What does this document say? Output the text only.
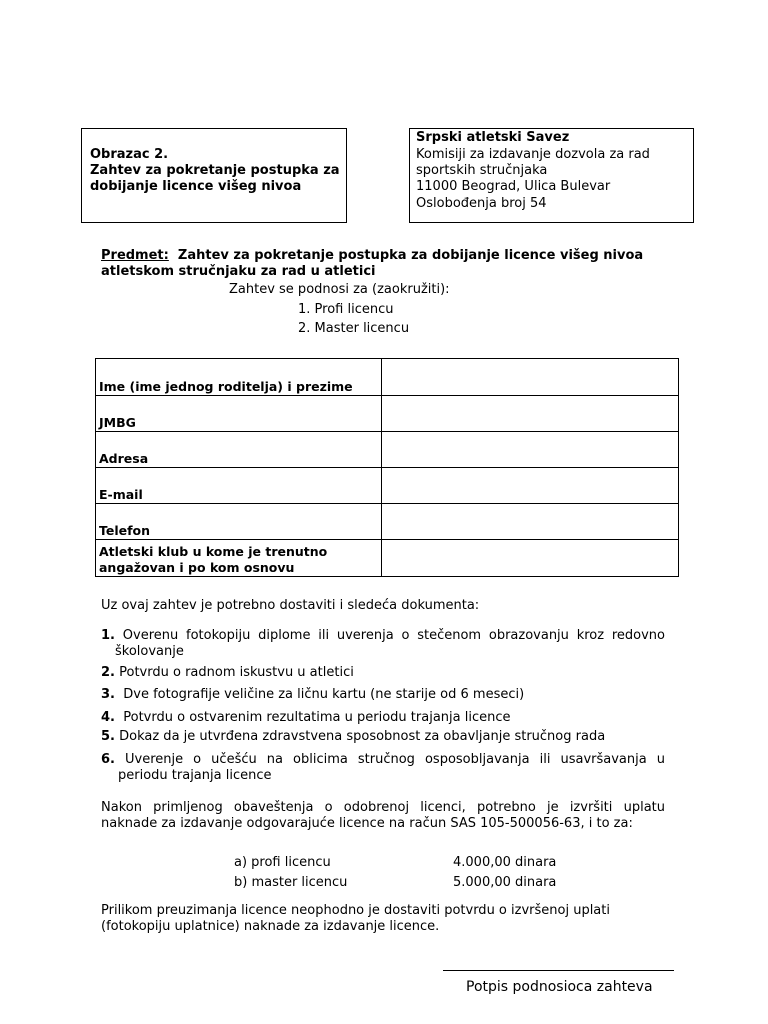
Obrazac 2.
Zahtev za pokretanje postupka za
dobijanje licence višeg nivoa
Srpski atletski Savez
Komisiji za izdavanje dozvola za rad
sportskih stručnjaka
11000 Beograd, Ulica Bulevar
Oslobođenja broj 54
Predmet: Zahtev za pokretanje postupka za dobijanje licence višeg nivoa
atletskom stručnjaku za rad u atletici
Zahtev se podnosi za (zaokružiti):
1. Profi licencu
2. Master licencu
Ime (ime jednog roditelja) i prezime	
JMBG	
Adresa	
E-mail	
Telefon	

Atletski klub u kome je trenutno
angažovan i po kom osnovu	

Uz ovaj zahtev je potrebno dostaviti i sledeća dokumenta:
1. Overenu fotokopiju diplome ili uverenja o stečenom obrazovanju kroz redovno
školovanje
2. Potvrdu o radnom iskustvu u atletici
3. Dve fotografije veličine za ličnu kartu (ne starije od 6 meseci)
4. Potvrdu o ostvarenim rezultatima u periodu trajanja licence
5. Dokaz da je utvrđena zdravstvena sposobnost za obavljanje stručnog rada
6. Uverenje o učešću na oblicima stručnog osposobljavanja ili usavršavanja u
periodu trajanja licence
Nakon primljenog obaveštenja o odobrenoj licenci, potrebno je izvršiti uplatu
naknade za izdavanje odgovarajuće licence na račun SAS 105-500056-63, i to za:
a) profi licencu	4.000,00 dinara
b) master licencu	5.000,00 dinara
Prilikom preuzimanja licence neophodno je dostaviti potvrdu o izvršenoj uplati
(fotokopiju uplatnice) naknade za izdavanje licence.
Potpis podnosioca zahteva
